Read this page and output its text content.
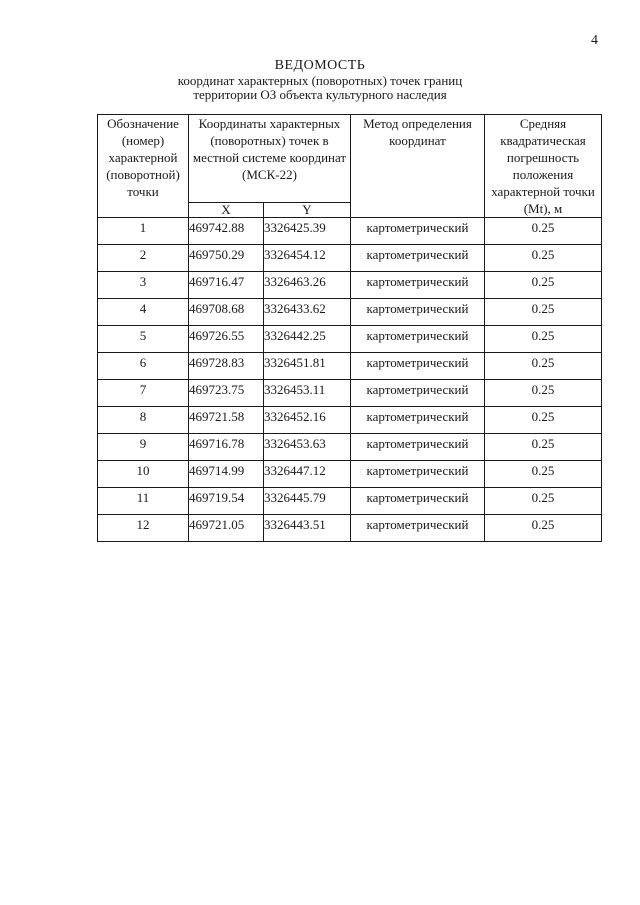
4
ВЕДОМОСТЬ
координат характерных (поворотных) точек границ
территории ОЗ объекта культурного наследия
Обозначение (номер) характерной (поворотной) точки	Координаты характерных (поворотных) точек в местной системе координат (МСК-22)		Метод определения координат	Средняя квадратическая погрешность положения характерной точки (Mt), м
	X	Y		
1	469742.88	3326425.39	картометрический	0.25
2	469750.29	3326454.12	картометрический	0.25
3	469716.47	3326463.26	картометрический	0.25
4	469708.68	3326433.62	картометрический	0.25
5	469726.55	3326442.25	картометрический	0.25
6	469728.83	3326451.81	картометрический	0.25
7	469723.75	3326453.11	картометрический	0.25
8	469721.58	3326452.16	картометрический	0.25
9	469716.78	3326453.63	картометрический	0.25
10	469714.99	3326447.12	картометрический	0.25
11	469719.54	3326445.79	картометрический	0.25
12	469721.05	3326443.51	картометрический	0.25
